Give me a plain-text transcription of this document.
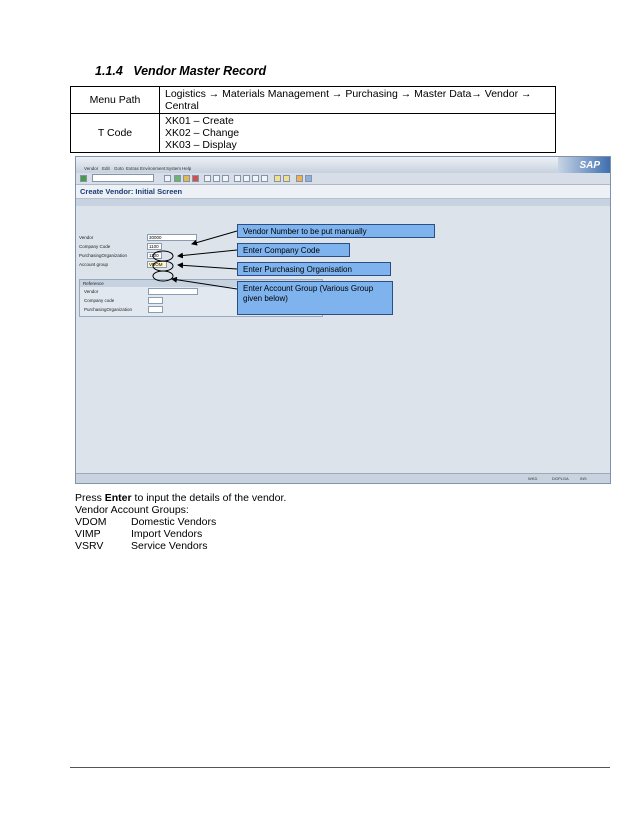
1.1.4 Vendor Master Record
Menu Path	Logistics → Materials Management → Purchasing → Master Data→ Vendor →
Central

T Code	XK01 – Create
XK02 – Change
XK03 – Display
Vendor Edit Goto Extras Environment System Help	SAP
Create Vendor: Initial Screen
Vendor	30000
Company Code	1100
PurchasingOrganization	1100
Account group	VDOM
Reference
Vendor
Company code
PurchasingOrganization
WKD	DGPLGA	INS
Vendor Number to be put manually
Enter Company Code
Enter Purchasing Organisation
Enter Account Group (Various Group given below)
Press Enter to input the details of the vendor.
Vendor Account Groups:
VDOM Domestic Vendors
VIMP	Import Vendors
VSRV	Service Vendors
